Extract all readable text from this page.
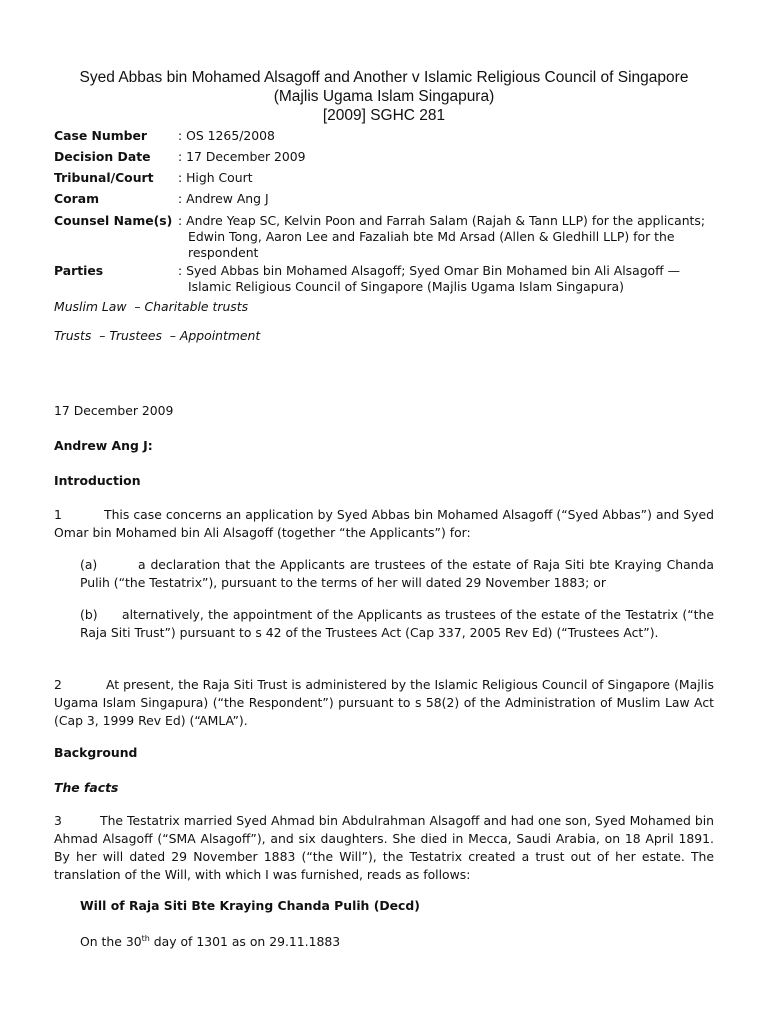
Syed Abbas bin Mohamed Alsagoff and Another v Islamic Religious Council of Singapore
(Majlis Ugama Islam Singapura)
[2009] SGHC 281
Case Number : OS 1265/2008
Decision Date : 17 December 2009
Tribunal/Court : High Court
Coram	: Andrew Ang J
Counsel Name(s) : Andre Yeap SC, Kelvin Poon and Farrah Salam (Rajah & Tann LLP) for the applicants; Edwin Tong, Aaron Lee and Fazaliah bte Md Arsad (Allen & Gledhill LLP) for the respondent
Parties	: Syed Abbas bin Mohamed Alsagoff; Syed Omar Bin Mohamed bin Ali Alsagoff — Islamic Religious Council of Singapore (Majlis Ugama Islam Singapura)
Muslim Law  – Charitable trusts
Trusts  – Trustees  – Appointment
17 December 2009
Andrew Ang J:
Introduction
1	This case concerns an application by Syed Abbas bin Mohamed Alsagoff (“Syed Abbas”) and Syed Omar bin Mohamed bin Ali Alsagoff (together “the Applicants”) for:
(a)	a declaration that the Applicants are trustees of the estate of Raja Siti bte Kraying Chanda Pulih (“the Testatrix”), pursuant to the terms of her will dated 29 November 1883; or
(b) alternatively, the appointment of the Applicants as trustees of the estate of the Testatrix (“the Raja Siti Trust”) pursuant to s 42 of the Trustees Act (Cap 337, 2005 Rev Ed) (“Trustees Act”).
2	At present, the Raja Siti Trust is administered by the Islamic Religious Council of Singapore (Majlis Ugama Islam Singapura) (“the Respondent”) pursuant to s 58(2) of the Administration of Muslim Law Act (Cap 3, 1999 Rev Ed) (“AMLA”).
Background
The facts
3	The Testatrix married Syed Ahmad bin Abdulrahman Alsagoff and had one son, Syed Mohamed bin Ahmad Alsagoff (“SMA Alsagoff”), and six daughters. She died in Mecca, Saudi Arabia, on 18 April 1891. By her will dated 29 November 1883 (“the Will”), the Testatrix created a trust out of her estate. The translation of the Will, with which I was furnished, reads as follows:
Will of Raja Siti Bte Kraying Chanda Pulih (Decd)
On the 30th day of 1301 as on 29.11.1883
